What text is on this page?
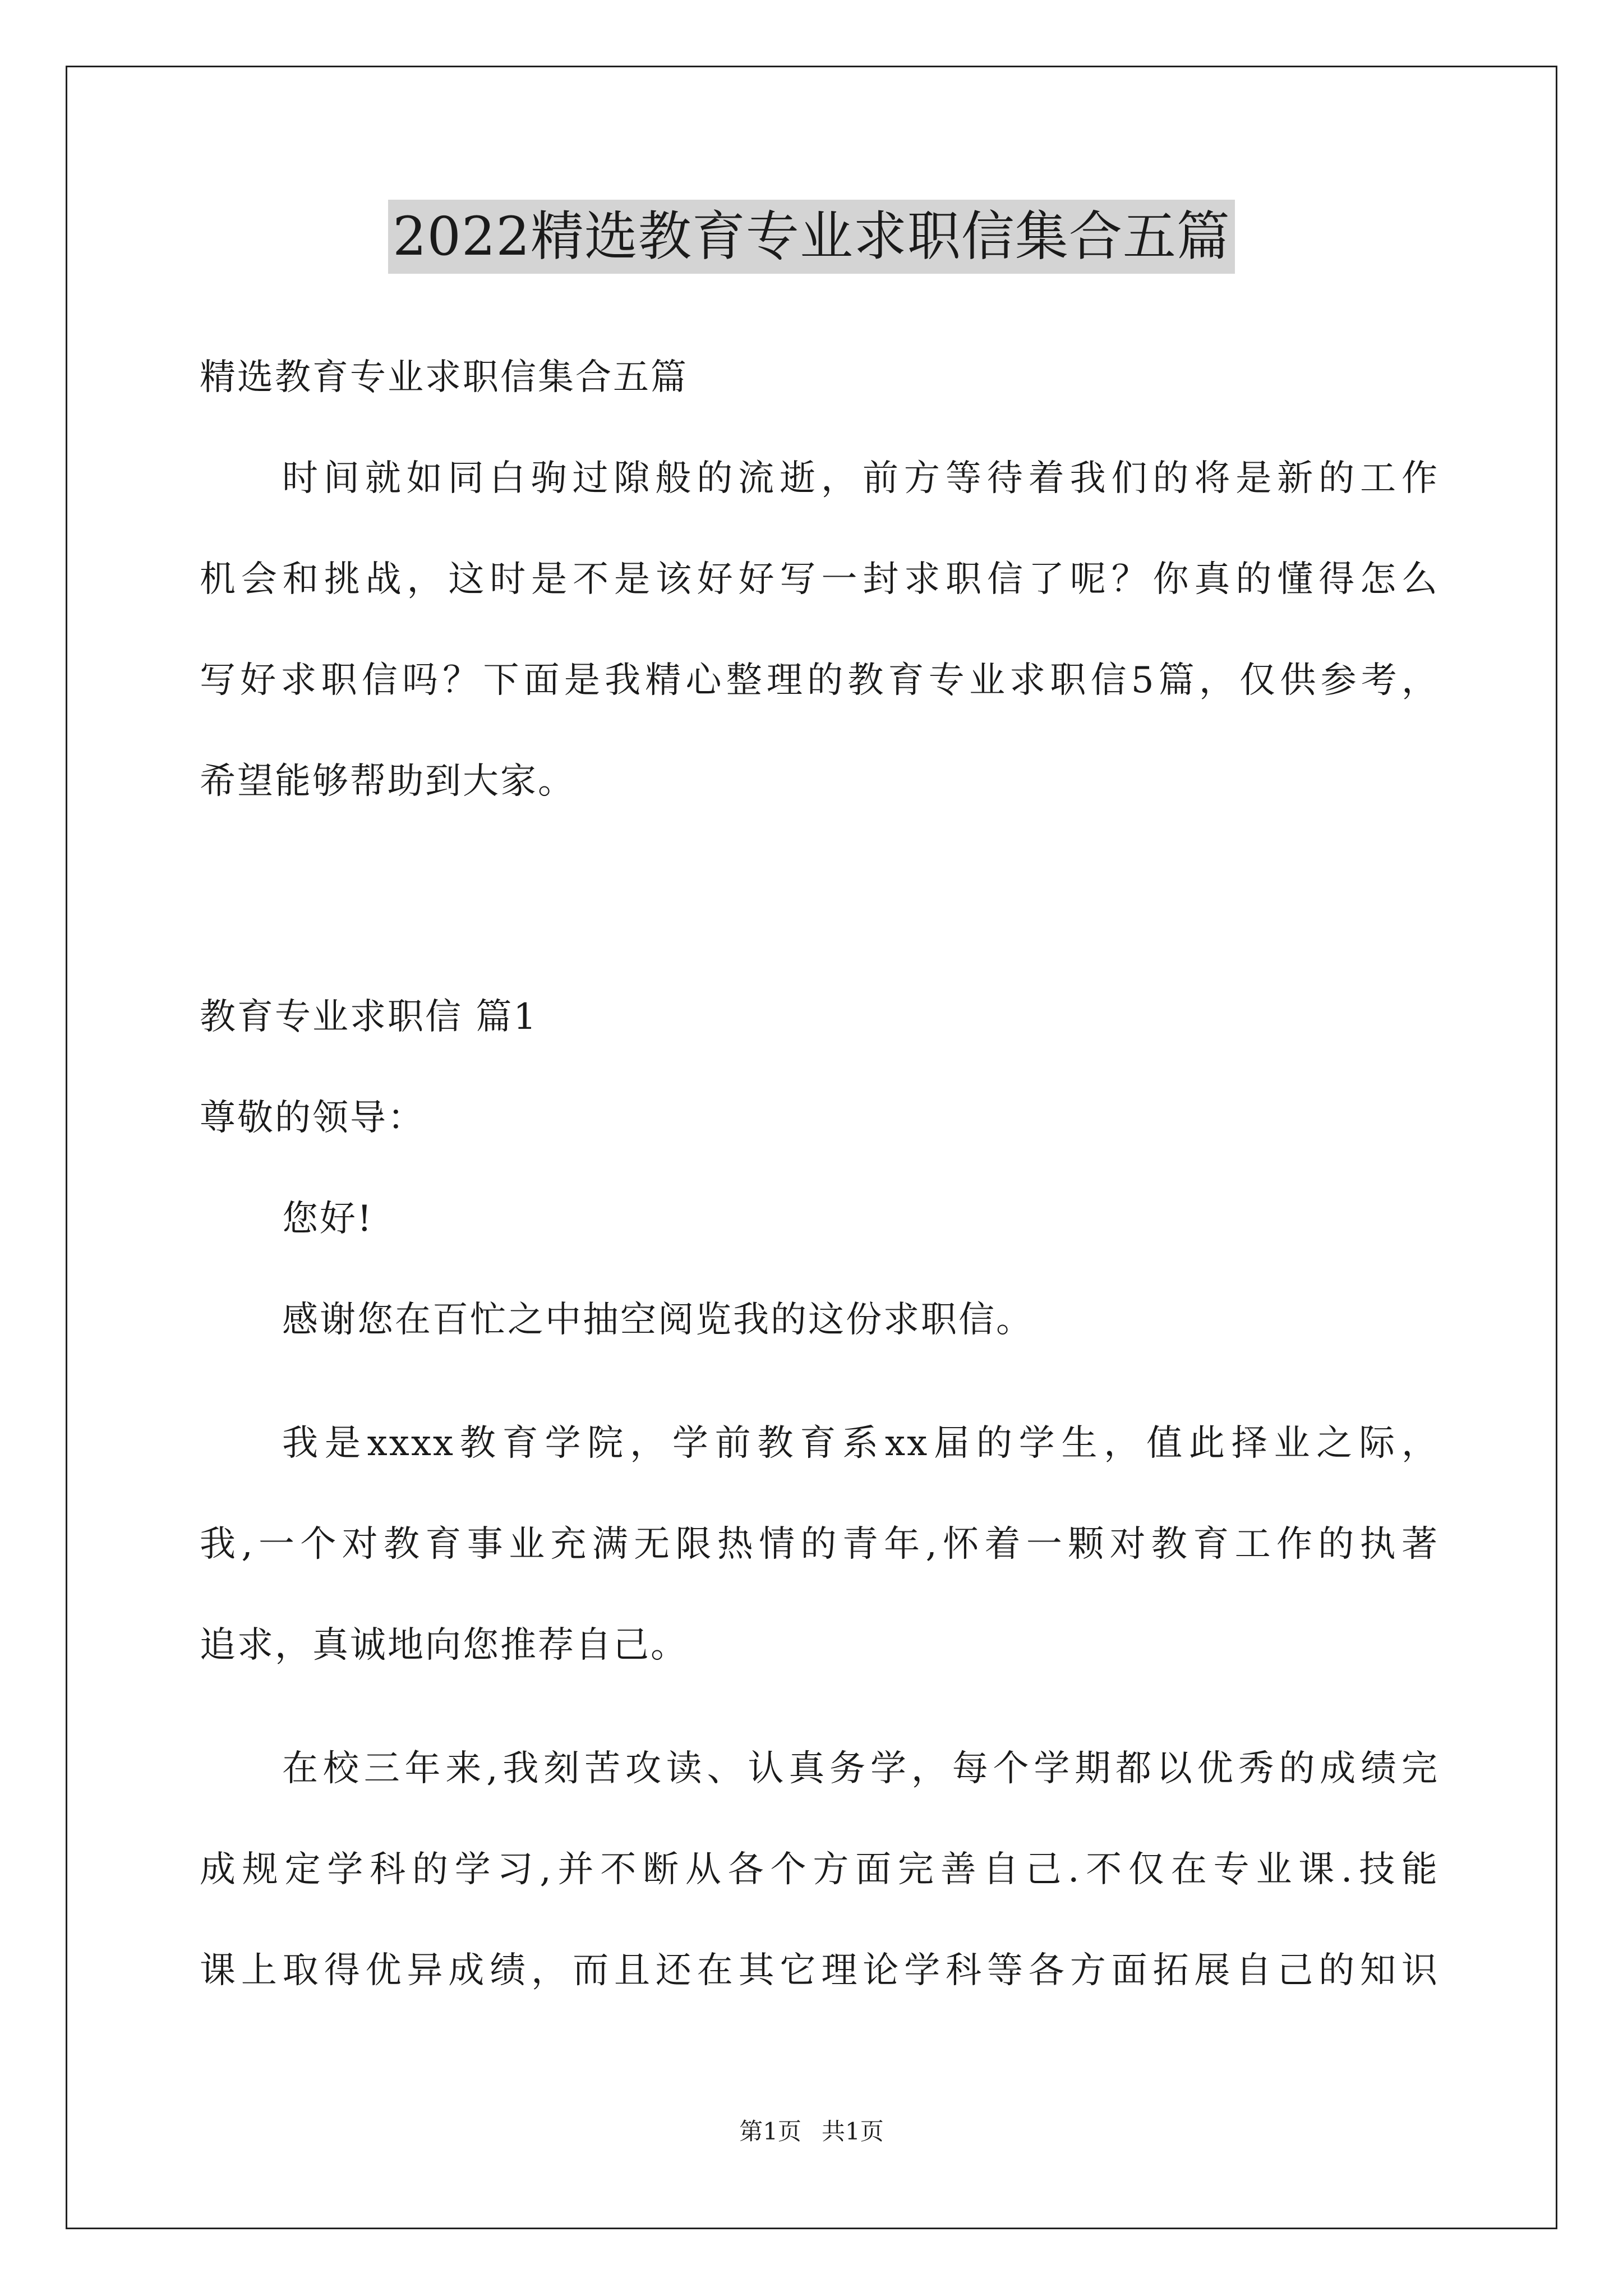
2022精选教育专业求职信集合五篇
精选教育专业求职信集合五篇
时间就如同白驹过隙般的流逝，前方等待着我们的将是新的工作
机会和挑战，这时是不是该好好写一封求职信了呢？你真的懂得怎么
写好求职信吗？下面是我精心整理的教育专业求职信5篇，仅供参考，
希望能够帮助到大家。
教育专业求职信 篇1
尊敬的领导：
您好!
感谢您在百忙之中抽空阅览我的这份求职信。
我是xxxx教育学院，学前教育系xx届的学生，值此择业之际，
我,一个对教育事业充满无限热情的青年,怀着一颗对教育工作的执著
追求，真诚地向您推荐自己。
在校三年来,我刻苦攻读、认真务学，每个学期都以优秀的成绩完
成规定学科的学习,并不断从各个方面完善自己.不仅在专业课.技能
课上取得优异成绩，而且还在其它理论学科等各方面拓展自己的知识
第1页 共1页
